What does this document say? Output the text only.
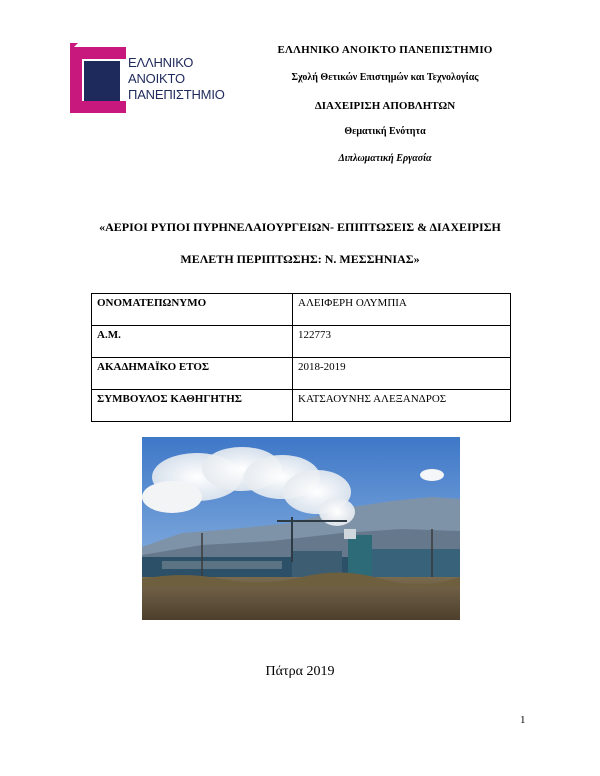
ΕΛΛΗΝΙΚΟ
ΑΝΟΙΚΤΟ
ΠΑΝΕΠΙΣΤΗΜΙΟ
ΕΛΛΗΝΙΚΟ ΑΝΟΙΚΤΟ ΠΑΝΕΠΙΣΤΗΜΙΟ
Σχολή Θετικών Επιστημών και Τεχνολογίας
ΔΙΑΧΕΙΡΙΣΗ ΑΠΟΒΛΗΤΩΝ
Θεματική Ενότητα
Διπλωματική Εργασία
«ΑΕΡΙΟΙ ΡΥΠΟΙ ΠΥΡΗΝΕΛΑΙΟΥΡΓΕΙΩΝ- ΕΠΙΠΤΩΣΕΙΣ & ΔΙΑΧΕΙΡΙΣΗ
ΜΕΛΕΤΗ ΠΕΡΙΠΤΩΣΗΣ: Ν. ΜΕΣΣΗΝΙΑΣ»
ΟΝΟΜΑΤΕΠΩΝΥΜΟ	ΑΛΕΙΦΕΡΗ ΟΛΥΜΠΙΑ
Α.Μ.	122773
ΑΚΑΔΗΜΑΪΚΟ ΕΤΟΣ	2018-2019
ΣΥΜΒΟΥΛΟΣ ΚΑΘΗΓΗΤΗΣ	ΚΑΤΣΑΟΥΝΗΣ ΑΛΕΞΑΝΔΡΟΣ
Πάτρα 2019
1
